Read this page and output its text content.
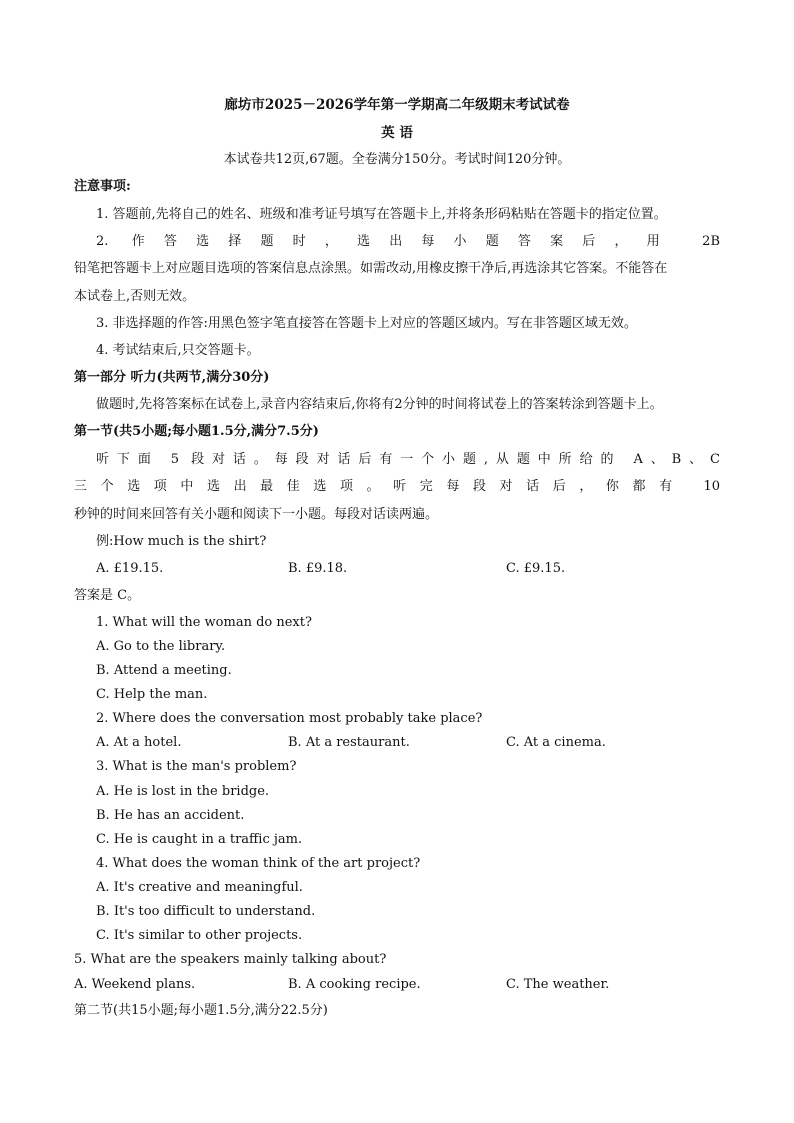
廊坊市2025－2026学年第一学期高二年级期末考试试卷
英 语
本试卷共12页,67题。全卷满分150分。考试时间120分钟。
注意事项:
1. 答题前,先将自己的姓名、班级和准考证号填写在答题卡上,并将条形码粘贴在答题卡的指定位置。
2. 作答选择题时，选出每小题答案后，用 2B
铅笔把答题卡上对应题目选项的答案信息点涂黑。如需改动,用橡皮擦干净后,再选涂其它答案。不能答在
本试卷上,否则无效。
3. 非选择题的作答:用黑色签字笔直接答在答题卡上对应的答题区域内。写在非答题区域无效。
4. 考试结束后,只交答题卡。
第一部分 听力(共两节,满分30分)
做题时,先将答案标在试卷上,录音内容结束后,你将有2分钟的时间将试卷上的答案转涂到答题卡上。
第一节(共5小题;每小题1.5分,满分7.5分)
听下面 5 段对话。每段对话后有一个小题,从题中所给的 A、B、C
三个选项中选出最佳选项。听完每段对话后，你都有 10
秒钟的时间来回答有关小题和阅读下一小题。每段对话读两遍。
例:How much is the shirt?
A. £19.15.	B. £9.18.	C. £9.15.
答案是 C。
1. What will the woman do next?
A. Go to the library.
B. Attend a meeting.
C. Help the man.
2. Where does the conversation most probably take place?
A. At a hotel.	B. At a restaurant.	C. At a cinema.
3. What is the man's problem?
A. He is lost in the bridge.
B. He has an accident.
C. He is caught in a traffic jam.
4. What does the woman think of the art project?
A. It's creative and meaningful.
B. It's too difficult to understand.
C. It's similar to other projects.
5. What are the speakers mainly talking about?
A. Weekend plans.	B. A cooking recipe.	C. The weather.
第二节(共15小题;每小题1.5分,满分22.5分)
